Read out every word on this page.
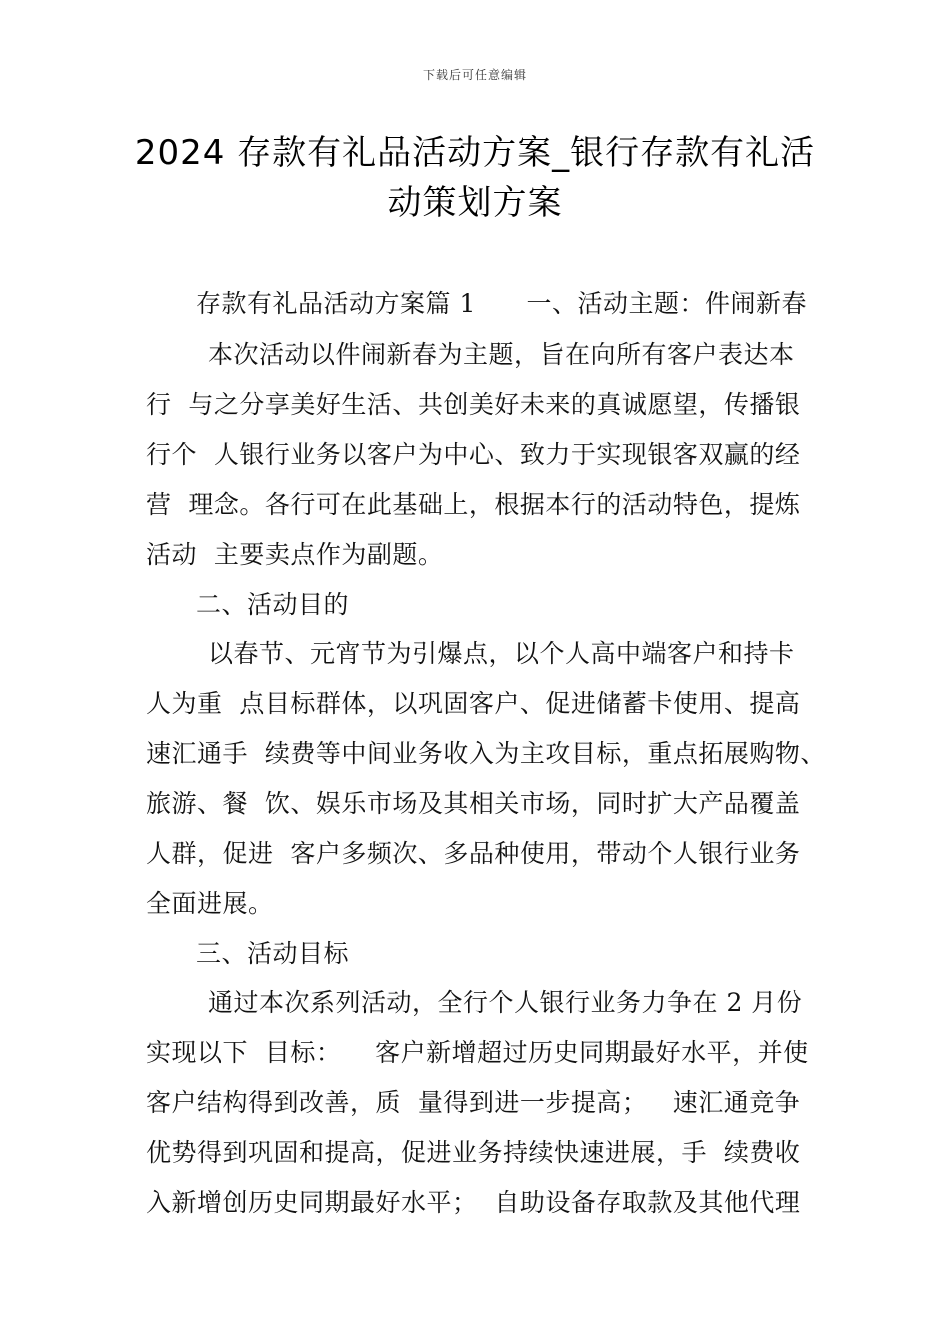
下载后可任意编辑
2024 存款有礼品活动方案_银行存款有礼活
动策划方案
存款有礼品活动方案篇 1      一、活动主题：件闹新春
本次活动以件闹新春为主题，旨在向所有客户表达本
行  与之分享美好生活、共创美好未来的真诚愿望，传播银
行个  人银行业务以客户为中心、致力于实现银客双赢的经
营  理念。各行可在此基础上，根据本行的活动特色，提炼
活动  主要卖点作为副题。
二、活动目的
以春节、元宵节为引爆点，以个人高中端客户和持卡
人为重  点目标群体，以巩固客户、促进储蓄卡使用、提高
速汇通手  续费等中间业务收入为主攻目标，重点拓展购物、
旅游、餐  饮、娱乐市场及其相关市场，同时扩大产品覆盖
人群，促进  客户多频次、多品种使用，带动个人银行业务
全面进展。
三、活动目标
通过本次系列活动，全行个人银行业务力争在 2 月份
实现以下  目标：    客户新增超过历史同期最好水平，并使
客户结构得到改善，质  量得到进一步提高；   速汇通竞争
优势得到巩固和提高，促进业务持续快速进展，手  续费收
入新增创历史同期最好水平；  自助设备存取款及其他代理
